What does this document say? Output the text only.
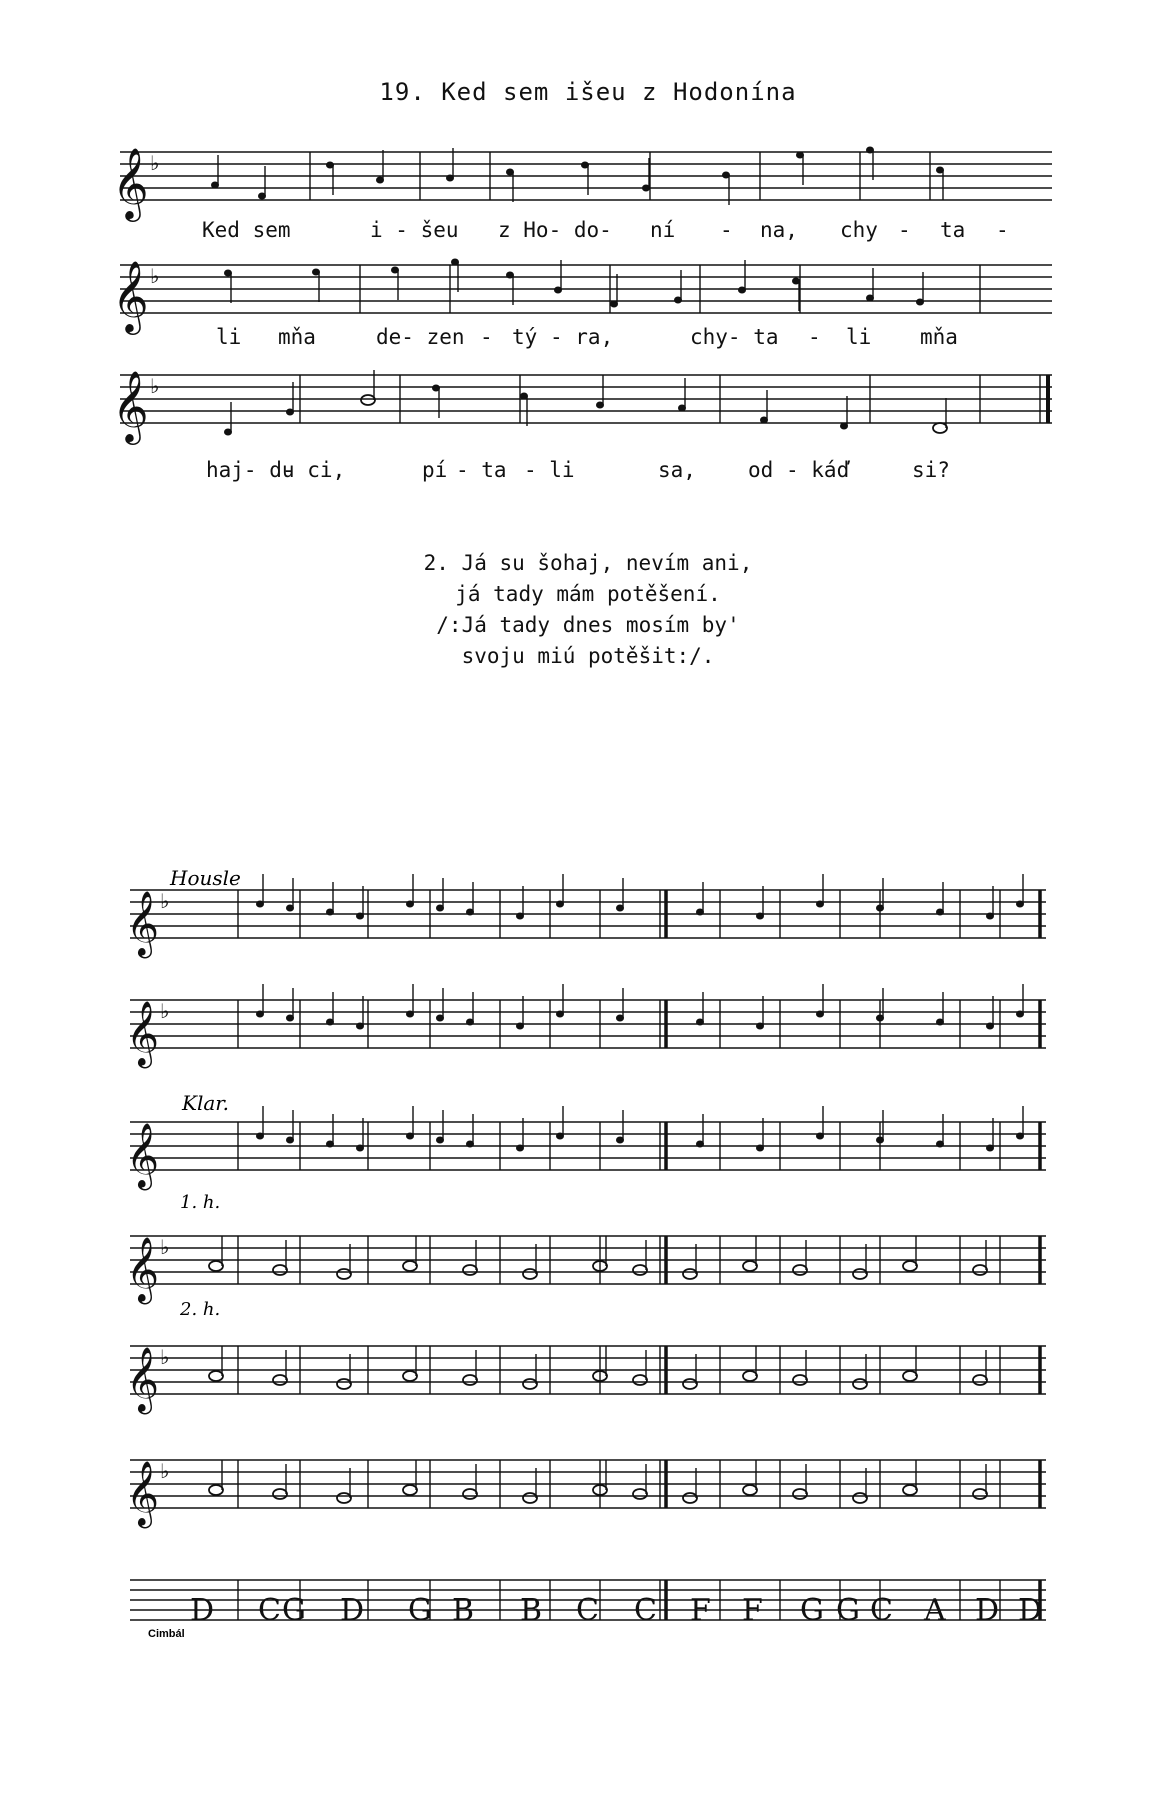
19. Ked sem išeu z Hodonína
𝄞 ♭
𝄞 ♭
𝄞 ♭
Ked sem	i - šeu z Ho- do- ní - na, chy - ta -
li mňa	de- zen - tý - ra,	chy- ta - li mňa
haj- du
- ci,	pí - ta - li	sa, od - káď	si?
2. Já su šohaj, nevím ani,
já tady mám potěšení.
/:Já tady dnes mosím by'
svoju miú potěšit:/.
Housle
Klar.
1. h.
2. h.
Cimbál
𝄞 ♭
𝄞 ♭
𝄞
𝄞 ♭
𝄞 ♭
𝄞 ♭
D C G D G B B C C F F G G C A D D
